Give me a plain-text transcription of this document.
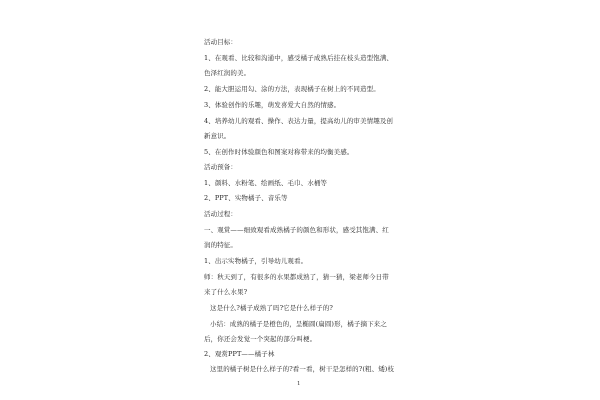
活动目标：
1、在观看、比较和沟通中，感受橘子成熟后挂在枝头造型饱满、
色泽红润的美。
2、能大胆运用勾、涂的方法，表现橘子在树上的不同造型。
3、体验创作的乐趣，萌发喜爱大自然的情感。
4、培养幼儿的观看、操作、表达力量，提高幼儿的审美情趣及创
新意识。
5、在创作时体验颜色和图案对称带来的均衡美感。
活动预备：
1、颜料、水粉笔、绘画纸、毛巾、水桶等
2、PPT、实物橘子、音乐等
活动过程：
一、观赏——细致观看成熟橘子的颜色和形状，感受其饱满、红
润的特征。
1、出示实物橘子，引导幼儿观看。
师：秋天到了，有很多的水果都成熟了，猜一猜，梁老师今日带
来了什么水果?
这是什么?橘子成熟了吗?它是什么样子的?
小结：成熟的橘子是橙色的，呈椭圆(扁圆)形，橘子摘下来之
后，你还会发觉一个突起的部分叫梗。
2、观赏PPT——橘子林
这里的橘子树是什么样子的?看一看，树干是怎样的?(粗、矮)枝
1
